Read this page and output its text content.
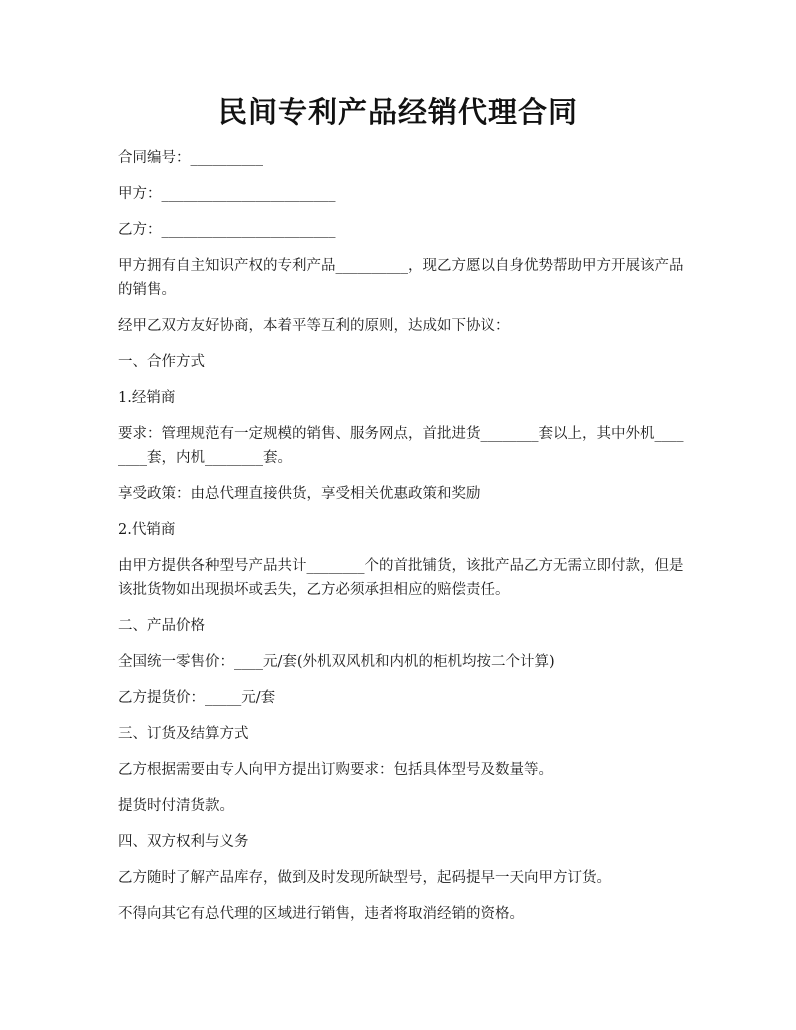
民间专利产品经销代理合同

合同编号：__________

甲方：________________________

乙方：________________________

甲方拥有自主知识产权的专利产品__________，现乙方愿以自身优势帮助甲方开展该产品的销售。

经甲乙双方友好协商，本着平等互利的原则，达成如下协议：

一、合作方式

1.经销商

要求：管理规范有一定规模的销售、服务网点，首批进货________套以上，其中外机________套，内机________套。

享受政策：由总代理直接供货，享受相关优惠政策和奖励

2.代销商

由甲方提供各种型号产品共计________个的首批铺货，该批产品乙方无需立即付款，但是该批货物如出现损坏或丢失，乙方必须承担相应的赔偿责任。

二、产品价格

全国统一零售价：____元/套(外机双风机和内机的柜机均按二个计算)

乙方提货价：_____元/套

三、订货及结算方式

乙方根据需要由专人向甲方提出订购要求：包括具体型号及数量等。

提货时付清货款。

四、双方权利与义务

乙方随时了解产品库存，做到及时发现所缺型号，起码提早一天向甲方订货。

不得向其它有总代理的区域进行销售，违者将取消经销的资格。
